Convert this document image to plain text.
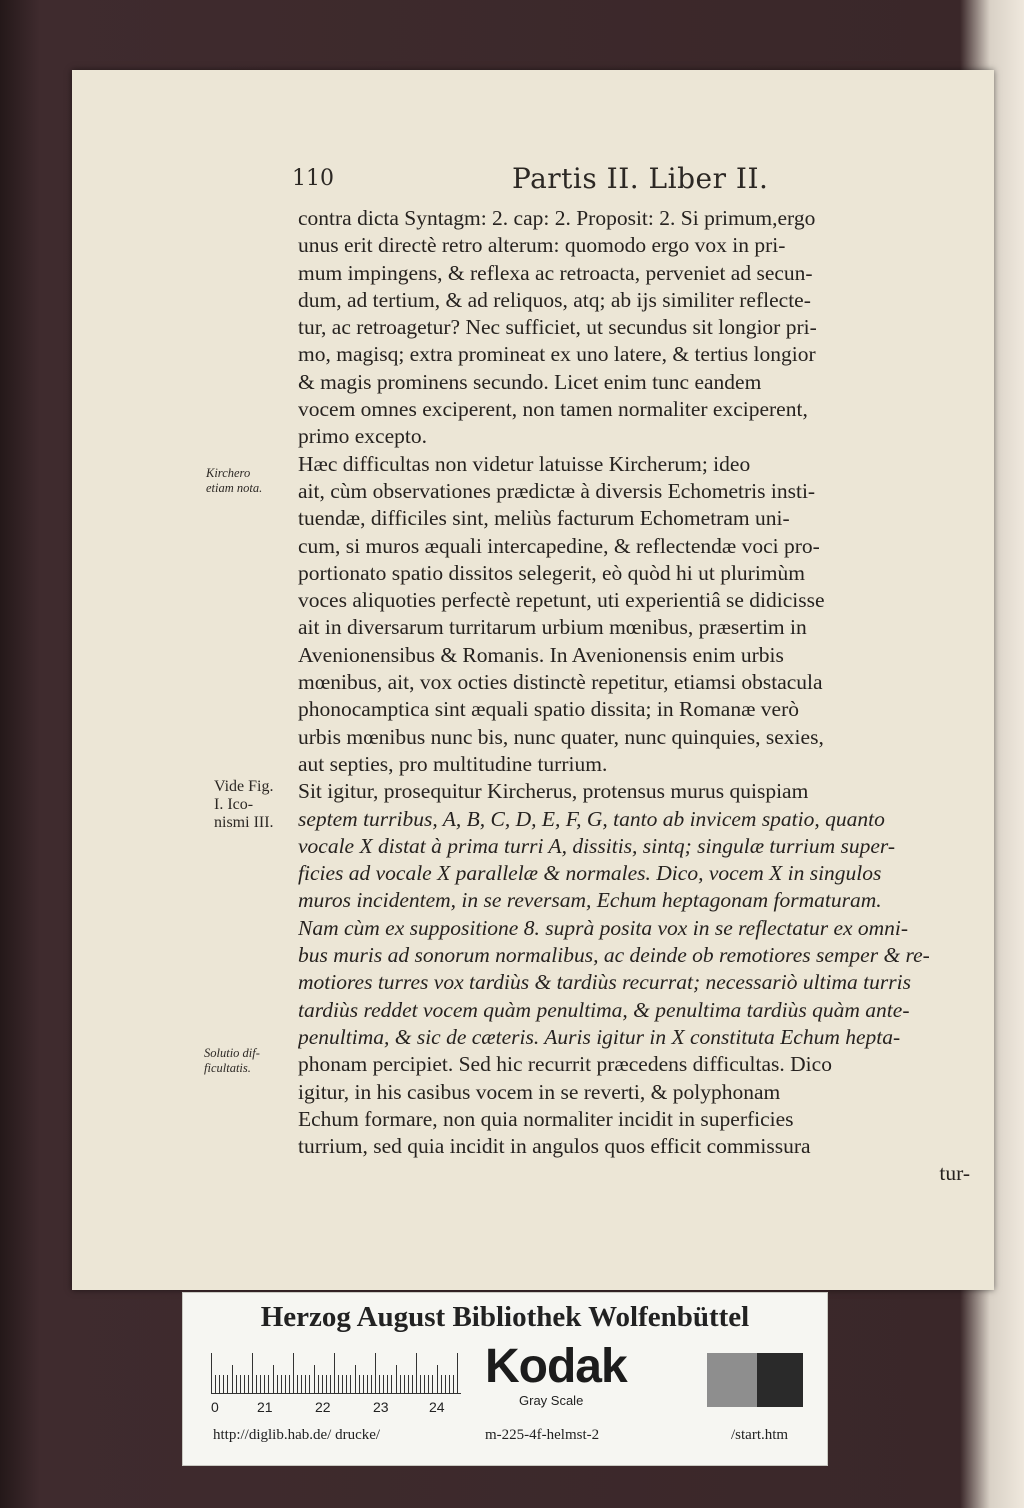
110	Partis II. Liber II.
Kirchero
etiam nota.
Vide Fig.
I. Ico-
nismi III.
Solutio dif-
ficultatis.
contra dicta Syntagm: 2. cap: 2. Proposit: 2. Si primum,ergo
unus erit directè retro alterum: quomodo ergo vox in pri-
mum impingens, & reflexa ac retroacta, perveniet ad secun-
dum, ad tertium, & ad reliquos, atq; ab ijs similiter reflecte-
tur, ac retroagetur? Nec sufficiet, ut secundus sit longior pri-
mo, magisq; extra promineat ex uno latere, & tertius longior
& magis prominens secundo. Licet enim tunc eandem
vocem omnes exciperent, non tamen normaliter exciperent,
primo excepto.
Hæc difficultas non videtur latuisse Kircherum; ideo
ait, cùm observationes prædictæ à diversis Echometris insti-
tuendæ, difficiles sint, meliùs facturum Echometram uni-
cum, si muros æquali intercapedine, & reflectendæ voci pro-
portionato spatio dissitos selegerit, eò quòd hi ut plurimùm
voces aliquoties perfectè repetunt, uti experientiâ se didicisse
ait in diversarum turritarum urbium mœnibus, præsertim in
Avenionensibus & Romanis. In Avenionensis enim urbis
mœnibus, ait, vox octies distinctè repetitur, etiamsi obstacula
phonocamptica sint æquali spatio dissita; in Romanæ verò
urbis mœnibus nunc bis, nunc quater, nunc quinquies, sexies,
aut septies, pro multitudine turrium.
Sit igitur, prosequitur Kircherus, protensus murus quispiam
septem turribus, A, B, C, D, E, F, G, tanto ab invicem spatio, quanto
vocale X distat à prima turri A, dissitis, sintq; singulæ turrium super-
ficies ad vocale X parallelæ & normales. Dico, vocem X in singulos
muros incidentem, in se reversam, Echum heptagonam formaturam.
Nam cùm ex suppositione 8. suprà posita vox in se reflectatur ex omni-
bus muris ad sonorum normalibus, ac deinde ob remotiores semper & re-
motiores turres vox tardiùs & tardiùs recurrat; necessariò ultima turris
tardiùs reddet vocem quàm penultima, & penultima tardiùs quàm ante-
penultima, & sic de cæteris. Auris igitur in X constituta Echum hepta-
phonam percipiet. Sed hic recurrit præcedens difficultas. Dico
igitur, in his casibus vocem in se reverti, & polyphonam
Echum formare, non quia normaliter incidit in superficies
turrium, sed quia incidit in angulos quos efficit commissura
tur-
Herzog August Bibliothek Wolfenbüttel
0	21	22	23	24
Kodak
Gray Scale
http://diglib.hab.de/ drucke/	m-225-4f-helmst-2	/start.htm
